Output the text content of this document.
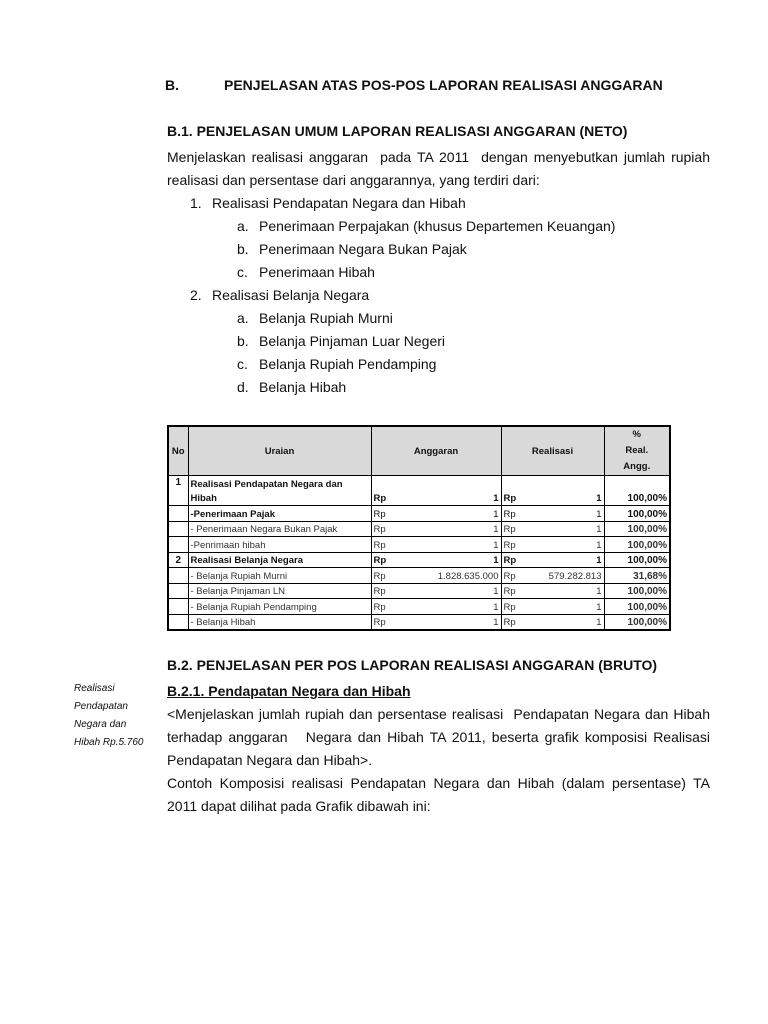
B.	PENJELASAN ATAS POS-POS LAPORAN REALISASI ANGGARAN
B.1. PENJELASAN UMUM LAPORAN REALISASI ANGGARAN (NETO)
Menjelaskan realisasi anggaran  pada TA 2011  dengan menyebutkan jumlah rupiah
realisasi dan persentase dari anggarannya, yang terdiri dari:
1. Realisasi Pendapatan Negara dan Hibah
a. Penerimaan Perpajakan (khusus Departemen Keuangan)
b. Penerimaan Negara Bukan Pajak
c. Penerimaan Hibah
2. Realisasi Belanja Negara
a. Belanja Rupiah Murni
b. Belanja Pinjaman Luar Negeri
c. Belanja Rupiah Pendamping
d. Belanja Hibah
No	Uraian	Anggaran		Realisasi		%
Real.
Angg.

1	Realisasi Pendapatan Negara dan					
	Hibah	Rp	1	Rp	1	100,00%
	-Penerimaan Pajak	Rp	1	Rp	1	100,00%
	- Penerimaan Negara Bukan Pajak	Rp	1	Rp	1	100,00%
	-Penrimaan hibah	Rp	1	Rp	1	100,00%
2	Realisasi Belanja Negara	Rp	1	Rp	1	100,00%
	- Belanja Rupiah Murni	Rp	1.828.635.000	Rp	579.282.813	31,68%
	- Belanja Pinjaman LN	Rp	1	Rp	1	100,00%
	- Belanja Rupiah Pendamping	Rp	1	Rp	1	100,00%
	- Belanja Hibah	Rp	1	Rp	1	100,00%
B.2. PENJELASAN PER POS LAPORAN REALISASI ANGGARAN (BRUTO)
B.2.1. Pendapatan Negara dan Hibah
Realisasi
Pendapatan
Negara dan
Hibah Rp.5.760
<Menjelaskan jumlah rupiah dan persentase realisasi  Pendapatan Negara dan Hibah
terhadap anggaran   Negara dan Hibah TA 2011, beserta grafik komposisi Realisasi
Pendapatan Negara dan Hibah>.
Contoh Komposisi realisasi Pendapatan Negara dan Hibah (dalam persentase) TA
2011 dapat dilihat pada Grafik dibawah ini:
